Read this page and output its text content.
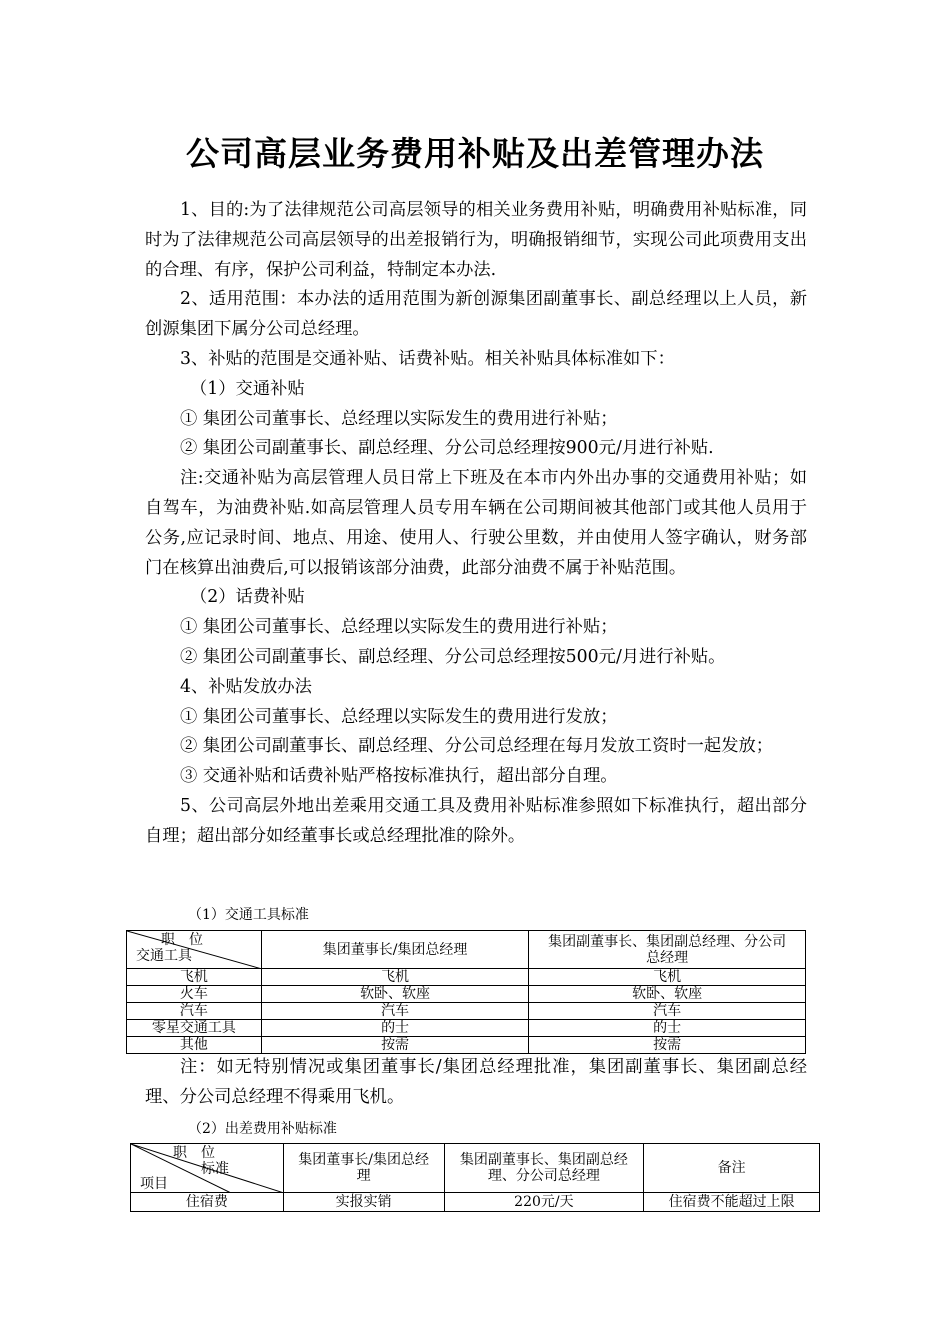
公司高层业务费用补贴及出差管理办法

1、目的:为了法律规范公司高层领导的相关业务费用补贴，明确费用补贴标准，同时为了法律规范公司高层领导的出差报销行为，明确报销细节，实现公司此项费用支出的合理、有序，保护公司利益，特制定本办法.

2、适用范围：本办法的适用范围为新创源集团副董事长、副总经理以上人员，新创源集团下属分公司总经理。

3、补贴的范围是交通补贴、话费补贴。相关补贴具体标准如下：

（1）交通补贴

① 集团公司董事长、总经理以实际发生的费用进行补贴；

② 集团公司副董事长、副总经理、分公司总经理按900元/月进行补贴.

注:交通补贴为高层管理人员日常上下班及在本市内外出办事的交通费用补贴；如自驾车，为油费补贴.如高层管理人员专用车辆在公司期间被其他部门或其他人员用于公务,应记录时间、地点、用途、使用人、行驶公里数，并由使用人签字确认，财务部门在核算出油费后,可以报销该部分油费，此部分油费不属于补贴范围。

（2）话费补贴

① 集团公司董事长、总经理以实际发生的费用进行补贴；

② 集团公司副董事长、副总经理、分公司总经理按500元/月进行补贴。

4、补贴发放办法

① 集团公司董事长、总经理以实际发生的费用进行发放；

② 集团公司副董事长、副总经理、分公司总经理在每月发放工资时一起发放；

③ 交通补贴和话费补贴严格按标准执行，超出部分自理。

5、公司高层外地出差乘用交通工具及费用补贴标准参照如下标准执行，超出部分自理；超出部分如经董事长或总经理批准的除外。

（1）交通工具标准
职　位
交通工具	集团董事长/集团总经理	集团副董事长、集团副总经理、分公司总经理
飞机	飞机	飞机
火车	软卧、软座	软卧、软座
汽车	汽车	汽车
零星交通工具	的士	的士
其他	按需	按需

注：如无特别情况或集团董事长/集团总经理批准，集团副董事长、集团副总经理、分公司总经理不得乘用飞机。

（2）出差费用补贴标准
职　位
标准
项目	集团董事长/集团总经理	集团副董事长、集团副总经理、分公司总经理	备注
住宿费	实报实销	220元/天	住宿费不能超过上限
